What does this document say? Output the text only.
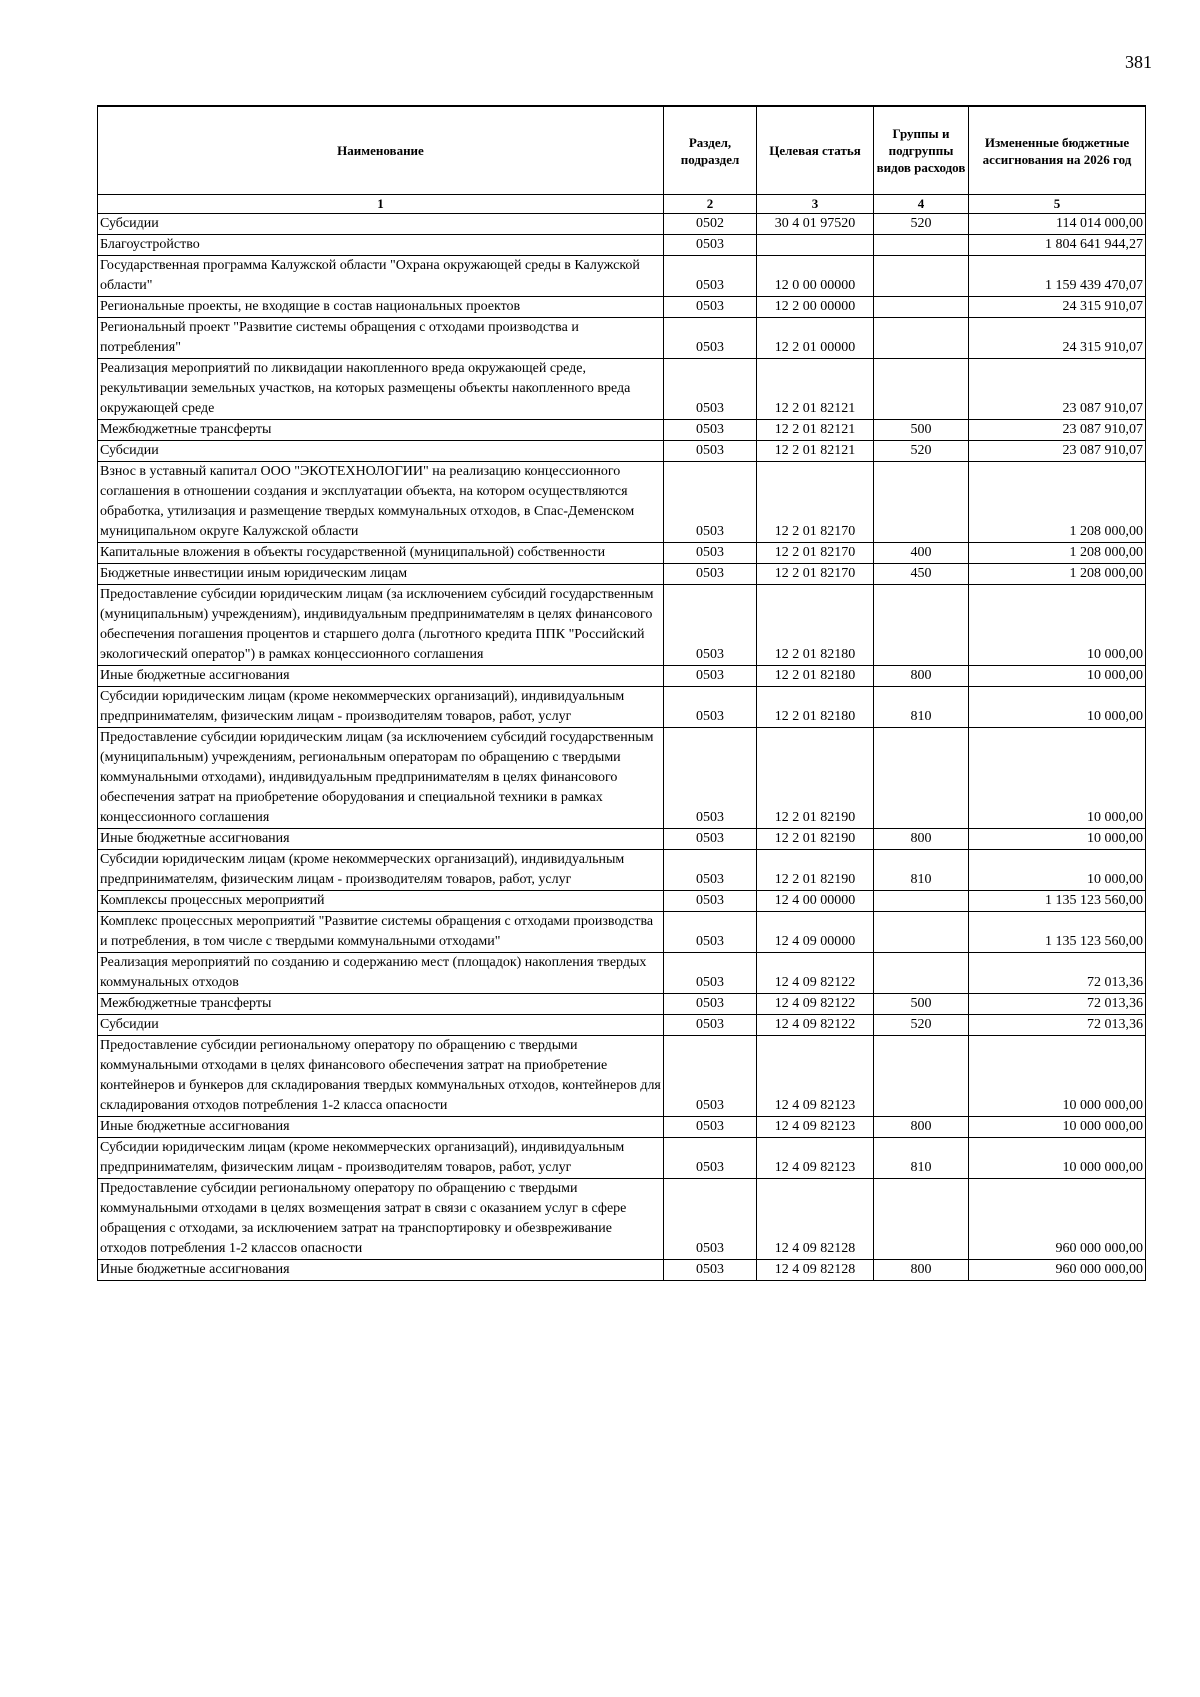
381
Наименование	Раздел, подраздел	Целевая статья	Группы и подгруппы видов расходов	Измененные бюджетные ассигнования на 2026 год
1	2	3	4	5
Субсидии	0502	30 4 01 97520	520	114 014 000,00
Благоустройство	0503			1 804 641 944,27
Государственная программа Калужской области "Охрана окружающей среды в Калужской области"	0503	12 0 00 00000		1 159 439 470,07
Региональные проекты, не входящие в состав национальных проектов	0503	12 2 00 00000		24 315 910,07
Региональный проект "Развитие системы обращения с отходами производства и потребления"	0503	12 2 01 00000		24 315 910,07
Реализация мероприятий по ликвидации накопленного вреда окружающей среде, рекультивации земельных участков, на которых размещены объекты накопленного вреда окружающей среде	0503	12 2 01 82121		23 087 910,07
Межбюджетные трансферты	0503	12 2 01 82121	500	23 087 910,07
Субсидии	0503	12 2 01 82121	520	23 087 910,07
Взнос в уставный капитал ООО "ЭКОТЕХНОЛОГИИ" на реализацию концессионного соглашения в отношении создания и эксплуатации объекта, на котором осуществляются обработка, утилизация и размещение твердых коммунальных отходов, в Спас-Деменском муниципальном округе Калужской области	0503	12 2 01 82170		1 208 000,00
Капитальные вложения в объекты государственной (муниципальной) собственности	0503	12 2 01 82170	400	1 208 000,00
Бюджетные инвестиции иным юридическим лицам	0503	12 2 01 82170	450	1 208 000,00
Предоставление субсидии юридическим лицам (за исключением субсидий государственным (муниципальным) учреждениям), индивидуальным предпринимателям в целях финансового обеспечения погашения процентов и старшего долга (льготного кредита ППК "Российский экологический оператор") в рамках концессионного соглашения	0503	12 2 01 82180		10 000,00
Иные бюджетные ассигнования	0503	12 2 01 82180	800	10 000,00
Субсидии юридическим лицам (кроме некоммерческих организаций), индивидуальным предпринимателям, физическим лицам - производителям товаров, работ, услуг	0503	12 2 01 82180	810	10 000,00
Предоставление субсидии юридическим лицам (за исключением субсидий государственным (муниципальным) учреждениям, региональным операторам по обращению с твердыми коммунальными отходами), индивидуальным предпринимателям в целях финансового обеспечения затрат на приобретение оборудования и специальной техники в рамках концессионного соглашения	0503	12 2 01 82190		10 000,00
Иные бюджетные ассигнования	0503	12 2 01 82190	800	10 000,00
Субсидии юридическим лицам (кроме некоммерческих организаций), индивидуальным предпринимателям, физическим лицам - производителям товаров, работ, услуг	0503	12 2 01 82190	810	10 000,00
Комплексы процессных мероприятий	0503	12 4 00 00000		1 135 123 560,00
Комплекс процессных мероприятий "Развитие системы обращения с отходами производства и потребления, в том числе с твердыми коммунальными отходами"	0503	12 4 09 00000		1 135 123 560,00
Реализация мероприятий по созданию и содержанию мест (площадок) накопления твердых коммунальных отходов	0503	12 4 09 82122		72 013,36
Межбюджетные трансферты	0503	12 4 09 82122	500	72 013,36
Субсидии	0503	12 4 09 82122	520	72 013,36
Предоставление субсидии региональному оператору по обращению с твердыми коммунальными отходами в целях финансового обеспечения затрат на приобретение контейнеров и бункеров для складирования твердых коммунальных отходов, контейнеров для складирования отходов потребления 1-2 класса опасности	0503	12 4 09 82123		10 000 000,00
Иные бюджетные ассигнования	0503	12 4 09 82123	800	10 000 000,00
Субсидии юридическим лицам (кроме некоммерческих организаций), индивидуальным предпринимателям, физическим лицам - производителям товаров, работ, услуг	0503	12 4 09 82123	810	10 000 000,00
Предоставление субсидии региональному оператору по обращению с твердыми коммунальными отходами в целях возмещения затрат в связи с оказанием услуг в сфере обращения с отходами, за исключением затрат на транспортировку и обезвреживание отходов потребления 1-2 классов опасности	0503	12 4 09 82128		960 000 000,00
Иные бюджетные ассигнования	0503	12 4 09 82128	800	960 000 000,00
